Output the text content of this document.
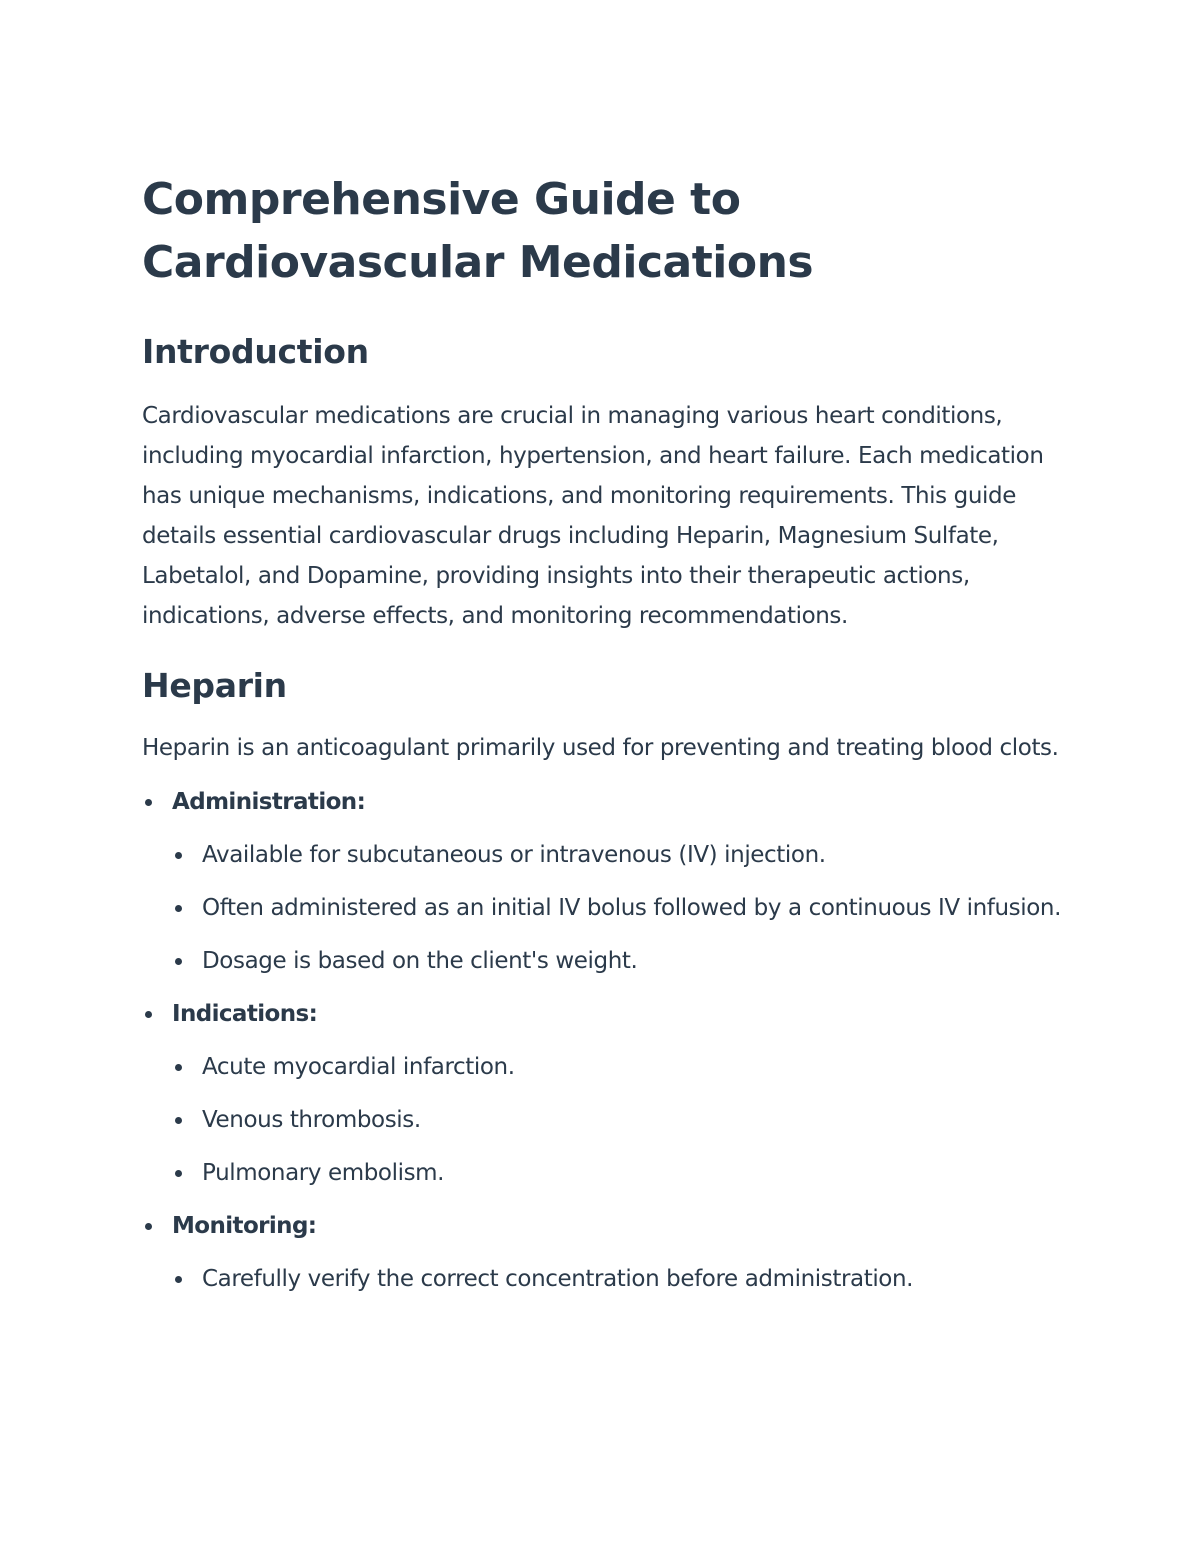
Comprehensive Guide to Cardiovascular Medications
Introduction

Cardiovascular medications are crucial in managing various heart conditions, including myocardial infarction, hypertension, and heart failure. Each medication has unique mechanisms, indications, and monitoring requirements. This guide details essential cardiovascular drugs including Heparin, Magnesium Sulfate, Labetalol, and Dopamine, providing insights into their therapeutic actions, indications, adverse effects, and monitoring recommendations.

Heparin

Heparin is an anticoagulant primarily used for preventing and treating blood clots.

Administration:
Available for subcutaneous or intravenous (IV) injection.
Often administered as an initial IV bolus followed by a continuous IV infusion.
Dosage is based on the client's weight.
Indications:
Acute myocardial infarction.
Venous thrombosis.
Pulmonary embolism.
Monitoring:
Carefully verify the correct concentration before administration.
